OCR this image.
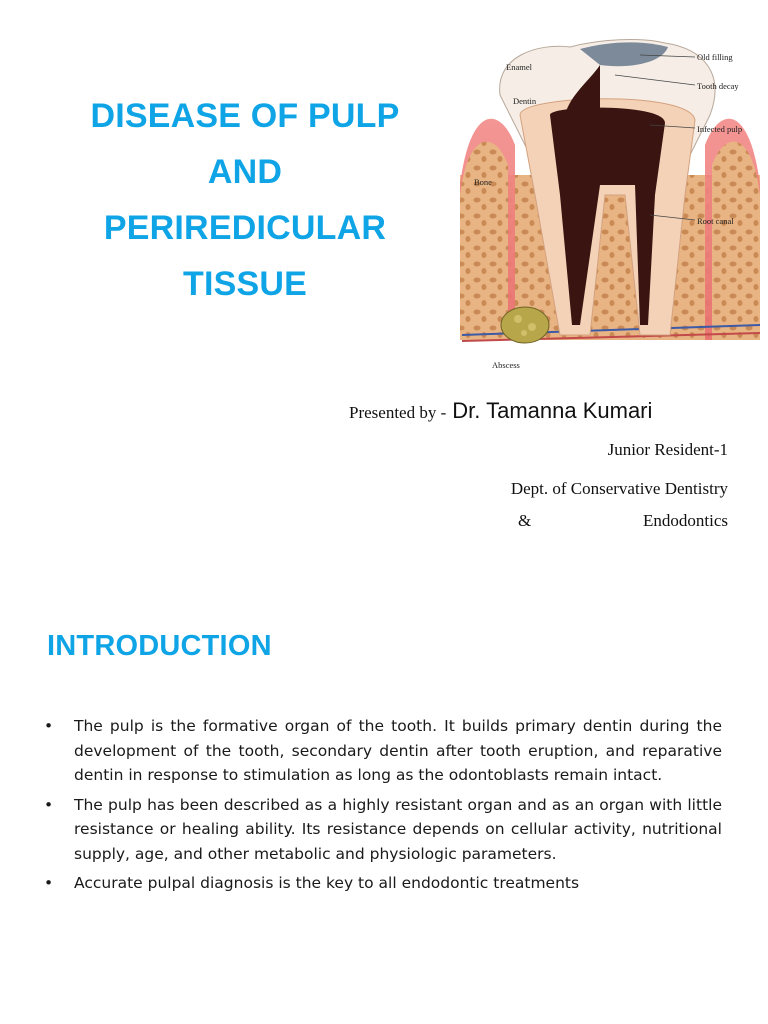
DISEASE OF PULP
AND
PERIREDICULAR
TISSUE
Enamel
Dentin
Bone
Abscess
Old filling
Tooth decay
Infected pulp
Root canal
Presented by - Dr. Tamanna Kumari
Junior Resident-1
Dept. of Conservative Dentistry
&	Endodontics
INTRODUCTION
• The pulp is the formative organ of the tooth. It builds primary dentin during the development of the tooth, secondary dentin after tooth eruption, and reparative dentin in response to stimulation as long as the odontoblasts remain intact.
• The pulp has been described as a highly resistant organ and as an organ with little resistance or healing ability. Its resistance depends on cellular activity, nutritional supply, age, and other metabolic and physiologic parameters.
• Accurate pulpal diagnosis is the key to all endodontic treatments
